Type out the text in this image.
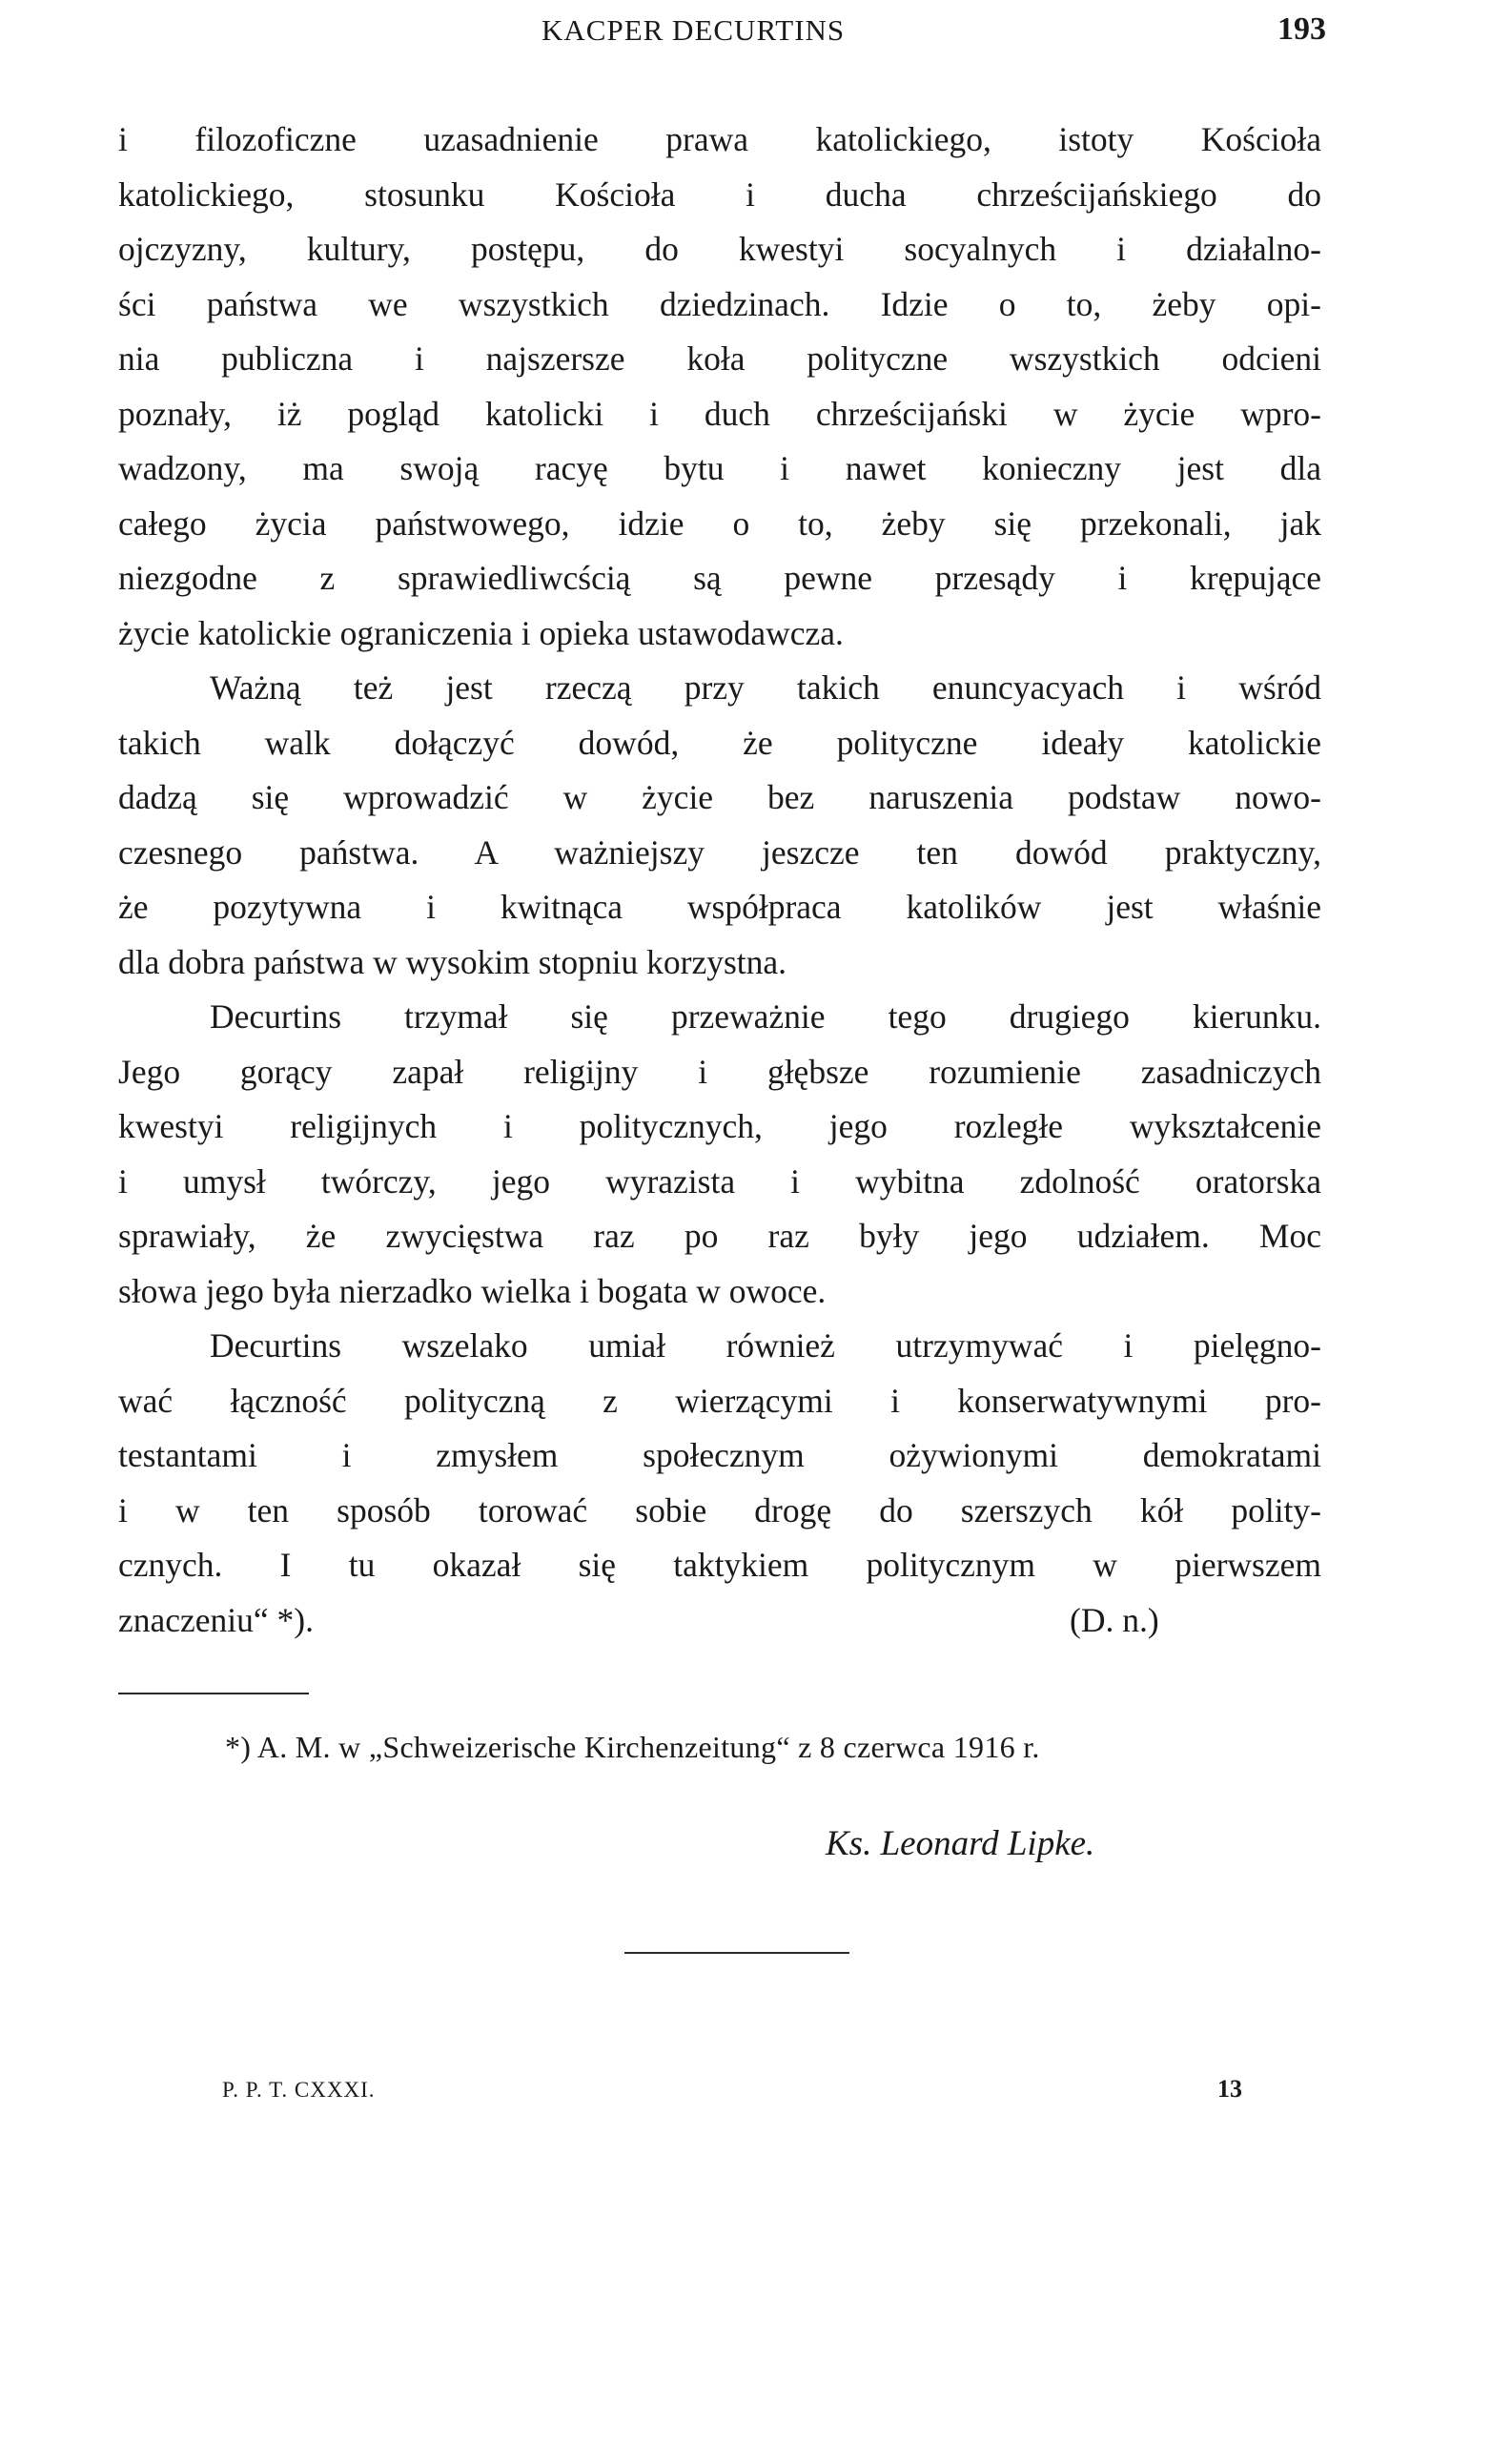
KACPER DECURTINS	193
i filozoficzne uzasadnienie prawa katolickiego, istoty Kościoła
katolickiego, stosunku Kościoła i ducha chrześcijańskiego do
ojczyzny, kultury, postępu, do kwestyi socyalnych i działalno-
ści państwa we wszystkich dziedzinach. Idzie o to, żeby opi-
nia publiczna i najszersze koła polityczne wszystkich odcieni
poznały, iż pogląd katolicki i duch chrześcijański w życie wpro-
wadzony, ma swoją racyę bytu i nawet konieczny jest dla
całego życia państwowego, idzie o to, żeby się przekonali, jak
niezgodne z sprawiedliwcścią są pewne przesądy i krępujące
życie katolickie ograniczenia i opieka ustawodawcza.
Ważną też jest rzeczą przy takich enuncyacyach i wśród
takich walk dołączyć dowód, że polityczne ideały katolickie
dadzą się wprowadzić w życie bez naruszenia podstaw nowo-
czesnego państwa. A ważniejszy jeszcze ten dowód praktyczny,
że pozytywna i kwitnąca współpraca katolików jest właśnie
dla dobra państwa w wysokim stopniu korzystna.
Decurtins trzymał się przeważnie tego drugiego kierunku.
Jego gorący zapał religijny i głębsze rozumienie zasadniczych
kwestyi religijnych i politycznych, jego rozległe wykształcenie
i umysł twórczy, jego wyrazista i wybitna zdolność oratorska
sprawiały, że zwycięstwa raz po raz były jego udziałem. Moc
słowa jego była nierzadko wielka i bogata w owoce.
Decurtins wszelako umiał również utrzymywać i pielęgno-
wać łączność polityczną z wierzącymi i konserwatywnymi pro-
testantami i zmysłem społecznym ożywionymi demokratami
i w ten sposób torować sobie drogę do szerszych kół polity-
cznych. I tu okazał się taktykiem politycznym w pierwszem
znaczeniu“ *).	(D. n.)
*) A. M. w „Schweizerische Kirchenzeitung“ z 8 czerwca 1916 r.
Ks. Leonard Lipke.
P. P. T. CXXXI.	13
